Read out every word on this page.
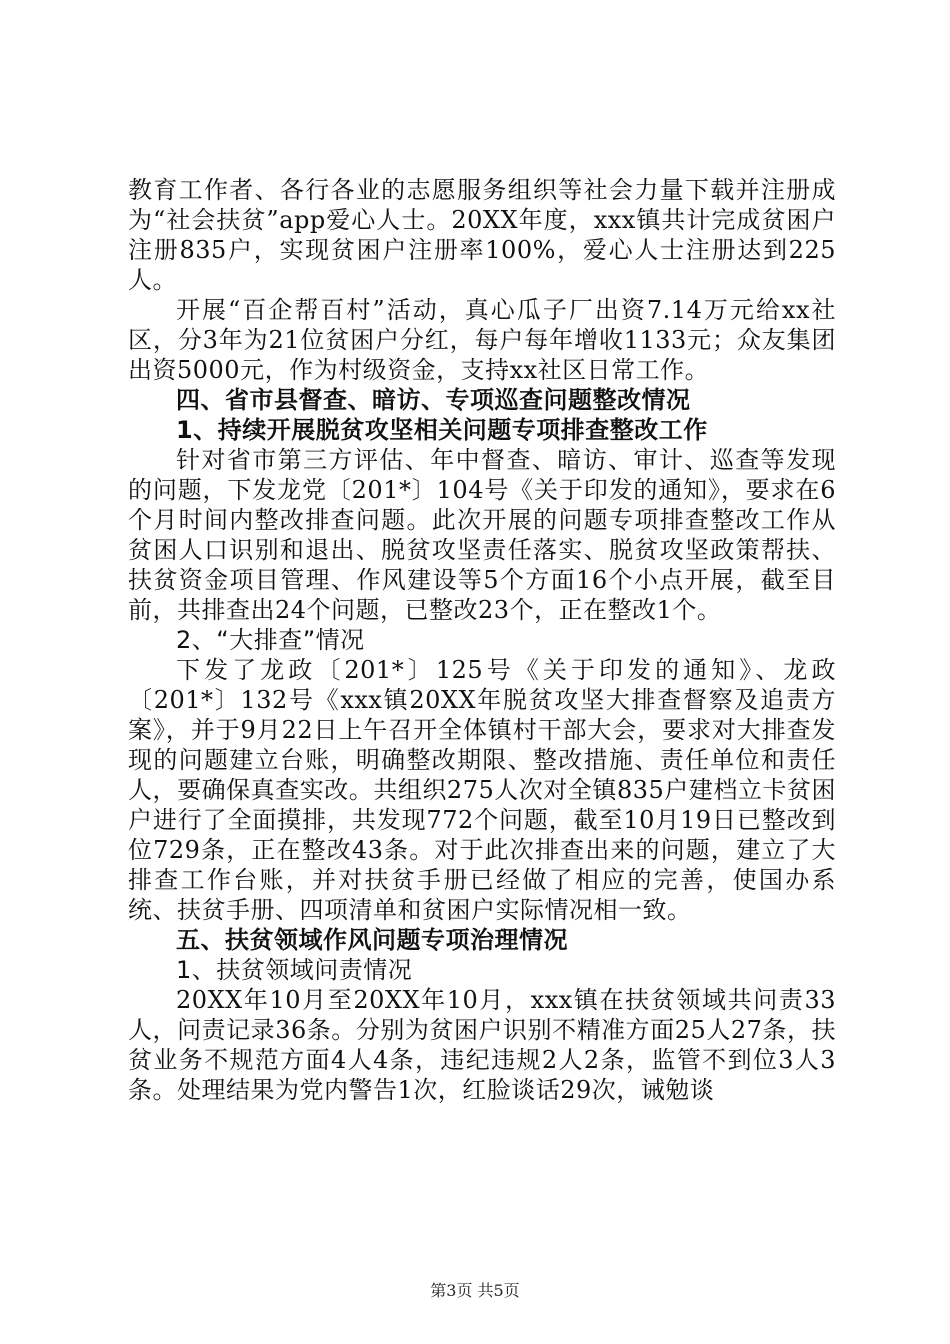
教育工作者、各行各业的志愿服务组织等社会力量下载并注册成为“社会扶贫”app爱心人士。20XX年度，xxx镇共计完成贫困户注册835户，实现贫困户注册率100%，爱心人士注册达到225人。

开展“百企帮百村”活动，真心瓜子厂出资7.14万元给xx社区，分3年为21位贫困户分红，每户每年增收1133元；众友集团出资5000元，作为村级资金，支持xx社区日常工作。

四、省市县督查、暗访、专项巡查问题整改情况

1、持续开展脱贫攻坚相关问题专项排查整改工作

针对省市第三方评估、年中督查、暗访、审计、巡查等发现的问题，下发龙党〔201*〕104号《关于印发的通知》，要求在6个月时间内整改排查问题。此次开展的问题专项排查整改工作从贫困人口识别和退出、脱贫攻坚责任落实、脱贫攻坚政策帮扶、扶贫资金项目管理、作风建设等5个方面16个小点开展，截至目前，共排查出24个问题，已整改23个，正在整改1个。

2、“大排查”情况

下发了龙政〔201*〕125号《关于印发的通知》、龙政〔201*〕132号《xxx镇20XX年脱贫攻坚大排查督察及追责方案》，并于9月22日上午召开全体镇村干部大会，要求对大排查发现的问题建立台账，明确整改期限、整改措施、责任单位和责任人，要确保真查实改。共组织275人次对全镇835户建档立卡贫困户进行了全面摸排，共发现772个问题，截至10月19日已整改到位729条，正在整改43条。对于此次排查出来的问题，建立了大排查工作台账，并对扶贫手册已经做了相应的完善，使国办系统、扶贫手册、四项清单和贫困户实际情况相一致。

五、扶贫领域作风问题专项治理情况

1、扶贫领域问责情况

20XX年10月至20XX年10月，xxx镇在扶贫领域共问责33人，问责记录36条。分别为贫困户识别不精准方面25人27条，扶贫业务不规范方面4人4条，违纪违规2人2条，监管不到位3人3条。处理结果为党内警告1次，红脸谈话29次，诫勉谈

第3页 共5页
